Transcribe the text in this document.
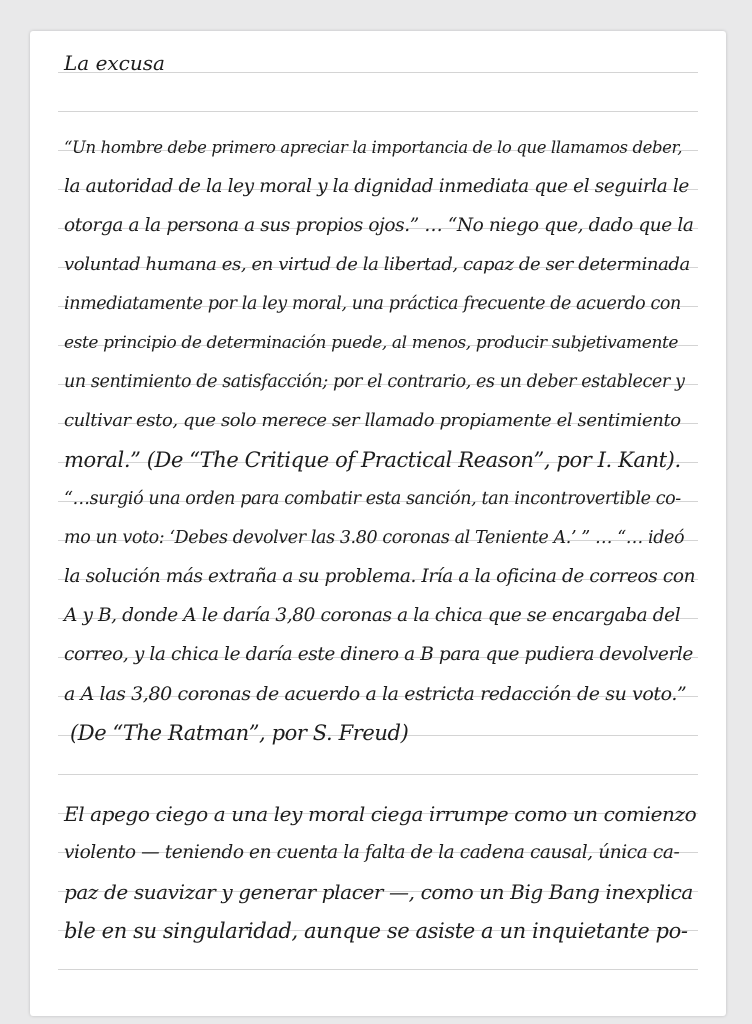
La excusa
“Un hombre debe primero apreciar la importancia de lo que llamamos deber,
la autoridad de la ley moral y la dignidad inmediata que el seguirla le
otorga a la persona a sus propios ojos.” … “No niego que, dado que la
voluntad humana es, en virtud de la libertad, capaz de ser determinada
inmediatamente por la ley moral, una práctica frecuente de acuerdo con
este principio de determinación puede, al menos, producir subjetivamente
un sentimiento de satisfacción; por el contrario, es un deber establecer y
cultivar esto, que solo merece ser llamado propiamente el sentimiento
moral.” (De “The Critique of Practical Reason”, por I. Kant).
“…surgió una orden para combatir esta sanción, tan incontrovertible co-
mo un voto: ‘Debes devolver las 3.80 coronas al Teniente A.’ ” … “… ideó
la solución más extraña a su problema. Iría a la oficina de correos con
A y B, donde A le daría 3,80 coronas a la chica que se encargaba del
correo, y la chica le daría este dinero a B para que pudiera devolverle
a A las 3,80 coronas de acuerdo a la estricta redacción de su voto.”
(De “The Ratman”, por S. Freud)
El apego ciego a una ley moral ciega irrumpe como un comienzo
violento — teniendo en cuenta la falta de la cadena causal, única ca-
paz de suavizar y generar placer —, como un Big Bang inexplica
ble en su singularidad, aunque se asiste a un inquietante po-
